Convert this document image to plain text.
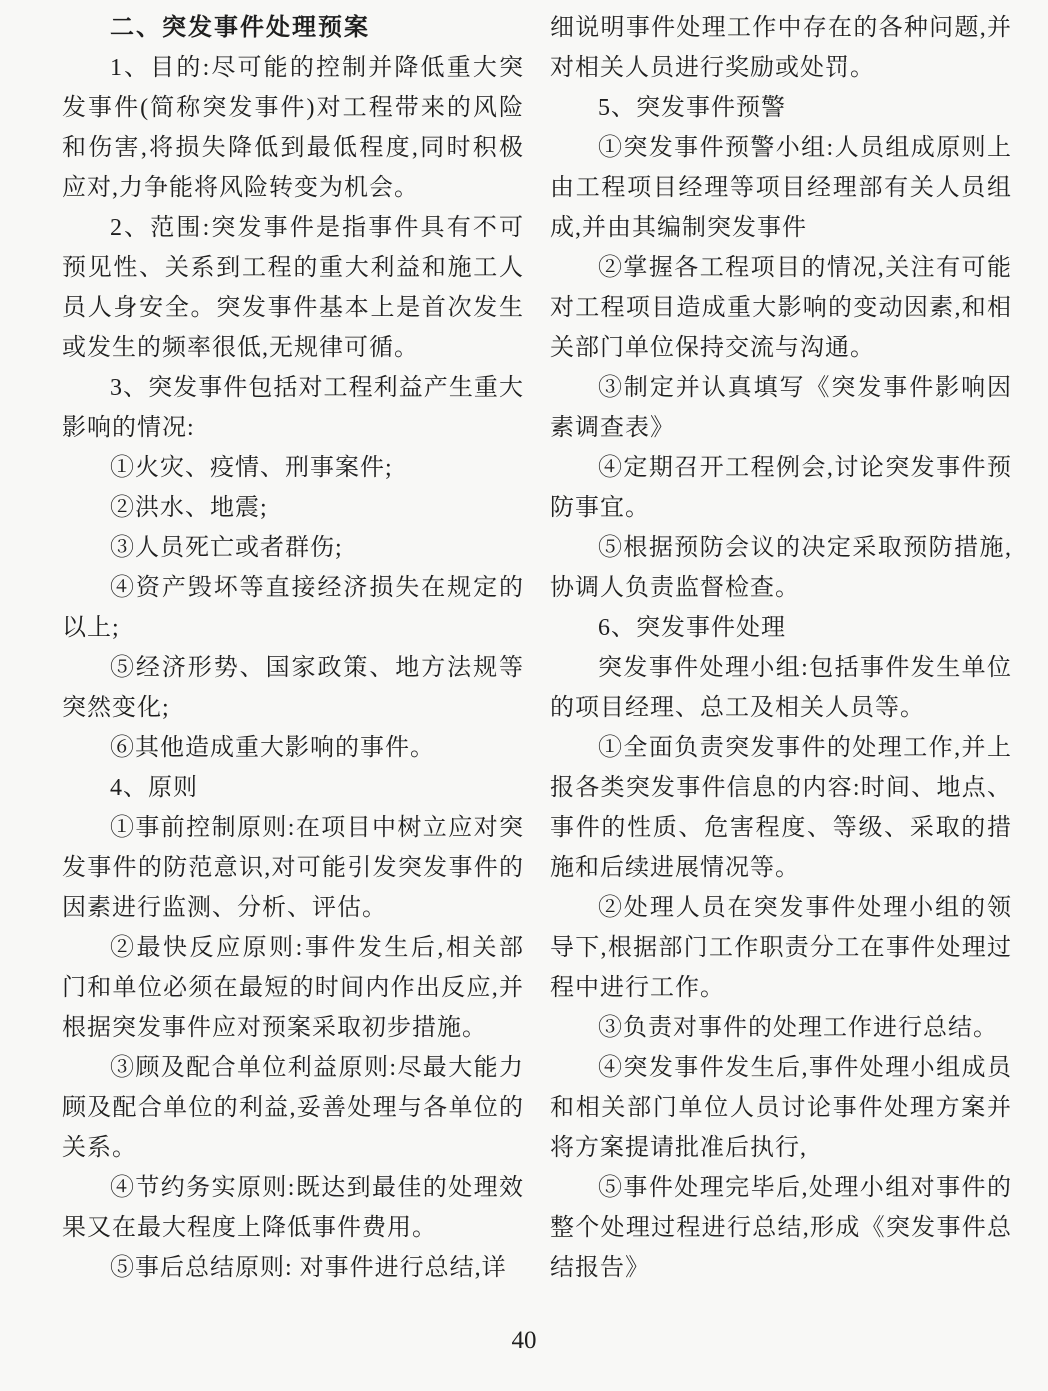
二、突发事件处理预案

1、目的:尽可能的控制并降低重大突发事件(简称突发事件)对工程带来的风险和伤害,将损失降低到最低程度,同时积极应对,力争能将风险转变为机会。

2、范围:突发事件是指事件具有不可预见性、关系到工程的重大利益和施工人员人身安全。突发事件基本上是首次发生或发生的频率很低,无规律可循。

3、突发事件包括对工程利益产生重大影响的情况:

①火灾、疫情、刑事案件;

②洪水、地震;

③人员死亡或者群伤;

④资产毁坏等直接经济损失在规定的以上;

⑤经济形势、国家政策、地方法规等突然变化;

⑥其他造成重大影响的事件。

4、原则

①事前控制原则:在项目中树立应对突发事件的防范意识,对可能引发突发事件的因素进行监测、分析、评估。

②最快反应原则:事件发生后,相关部门和单位必须在最短的时间内作出反应,并根据突发事件应对预案采取初步措施。

③顾及配合单位利益原则:尽最大能力顾及配合单位的利益,妥善处理与各单位的关系。

④节约务实原则:既达到最佳的处理效果又在最大程度上降低事件费用。

⑤事后总结原则: 对事件进行总结,详

细说明事件处理工作中存在的各种问题,并对相关人员进行奖励或处罚。

5、突发事件预警

①突发事件预警小组:人员组成原则上由工程项目经理等项目经理部有关人员组成,并由其编制突发事件

②掌握各工程项目的情况,关注有可能对工程项目造成重大影响的变动因素,和相关部门单位保持交流与沟通。

③制定并认真填写《突发事件影响因素调查表》

④定期召开工程例会,讨论突发事件预防事宜。

⑤根据预防会议的决定采取预防措施,协调人负责监督检查。

6、突发事件处理

突发事件处理小组:包括事件发生单位的项目经理、总工及相关人员等。

①全面负责突发事件的处理工作,并上报各类突发事件信息的内容:时间、地点、事件的性质、危害程度、等级、采取的措施和后续进展情况等。

②处理人员在突发事件处理小组的领导下,根据部门工作职责分工在事件处理过程中进行工作。

③负责对事件的处理工作进行总结。

④突发事件发生后,事件处理小组成员和相关部门单位人员讨论事件处理方案并将方案提请批准后执行,

⑤事件处理完毕后,处理小组对事件的整个处理过程进行总结,形成《突发事件总结报告》

40
